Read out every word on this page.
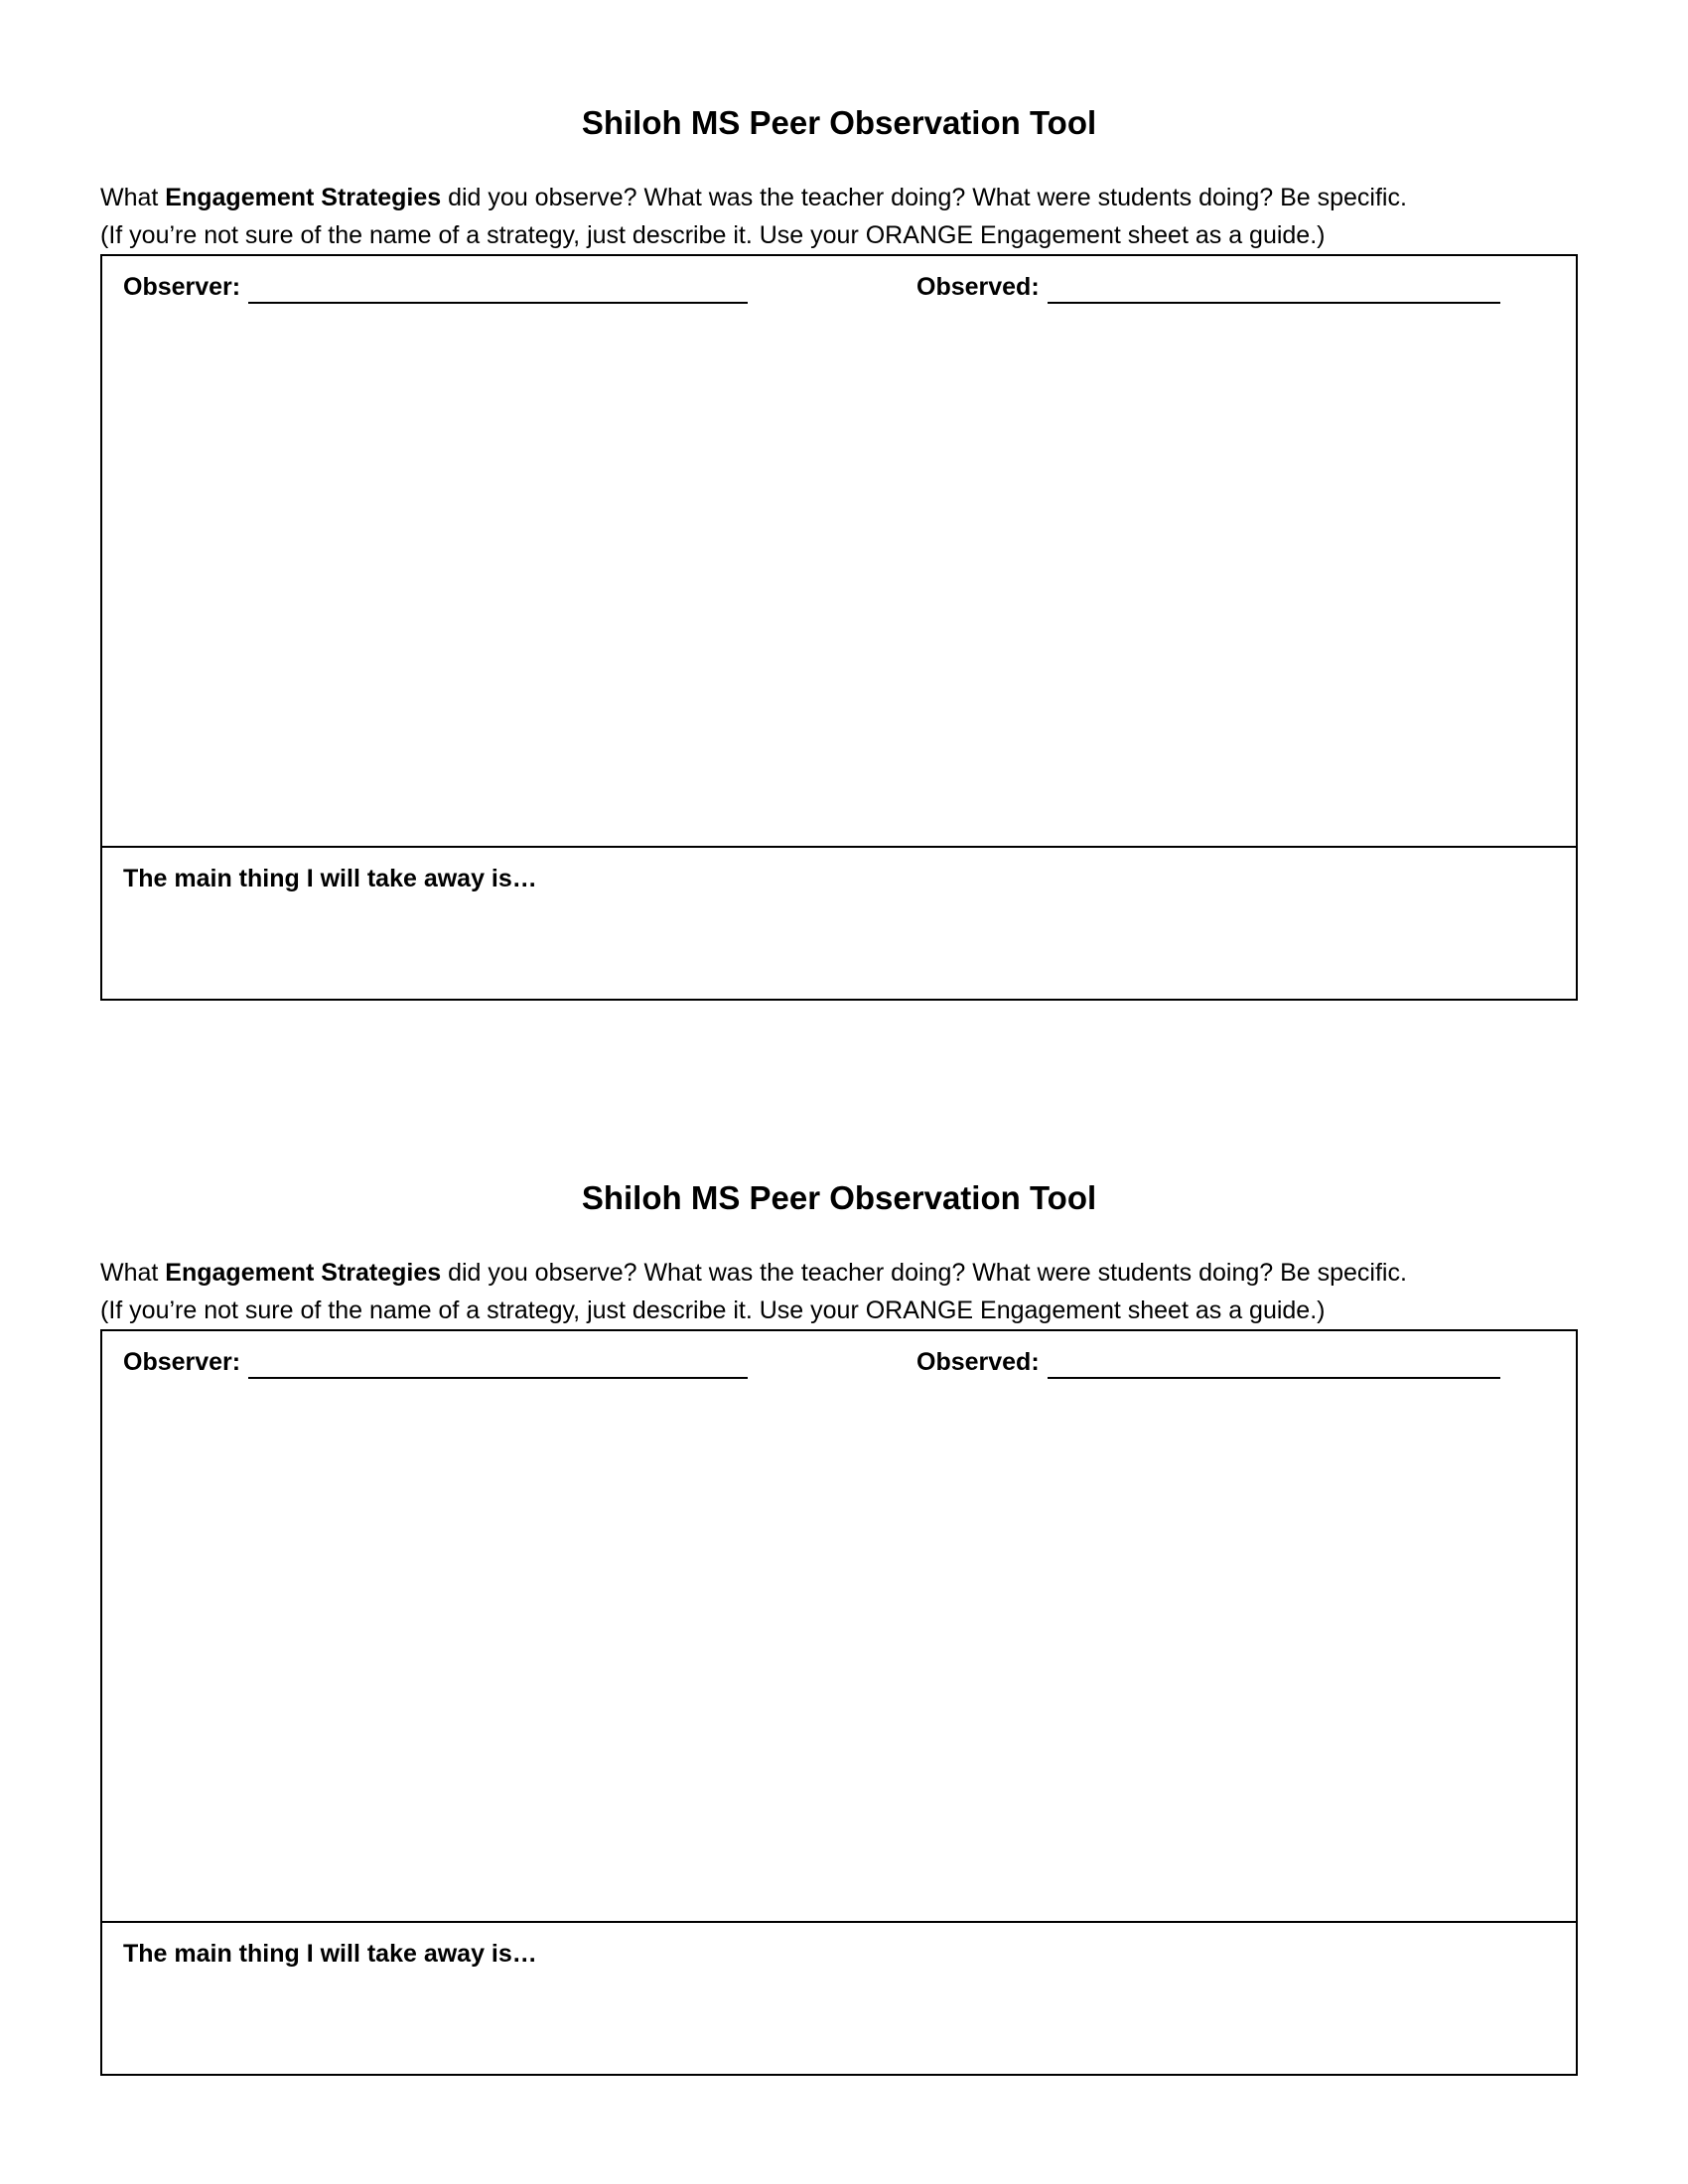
Shiloh MS Peer Observation Tool

What Engagement Strategies did you observe? What was the teacher doing? What were students doing? Be specific.

(If you’re not sure of the name of a strategy, just describe it. Use your ORANGE Engagement sheet as a guide.)

Observer:	Observed:
The main thing I will take away is…
Shiloh MS Peer Observation Tool

What Engagement Strategies did you observe? What was the teacher doing? What were students doing? Be specific.

(If you’re not sure of the name of a strategy, just describe it. Use your ORANGE Engagement sheet as a guide.)

Observer:	Observed:
The main thing I will take away is…
